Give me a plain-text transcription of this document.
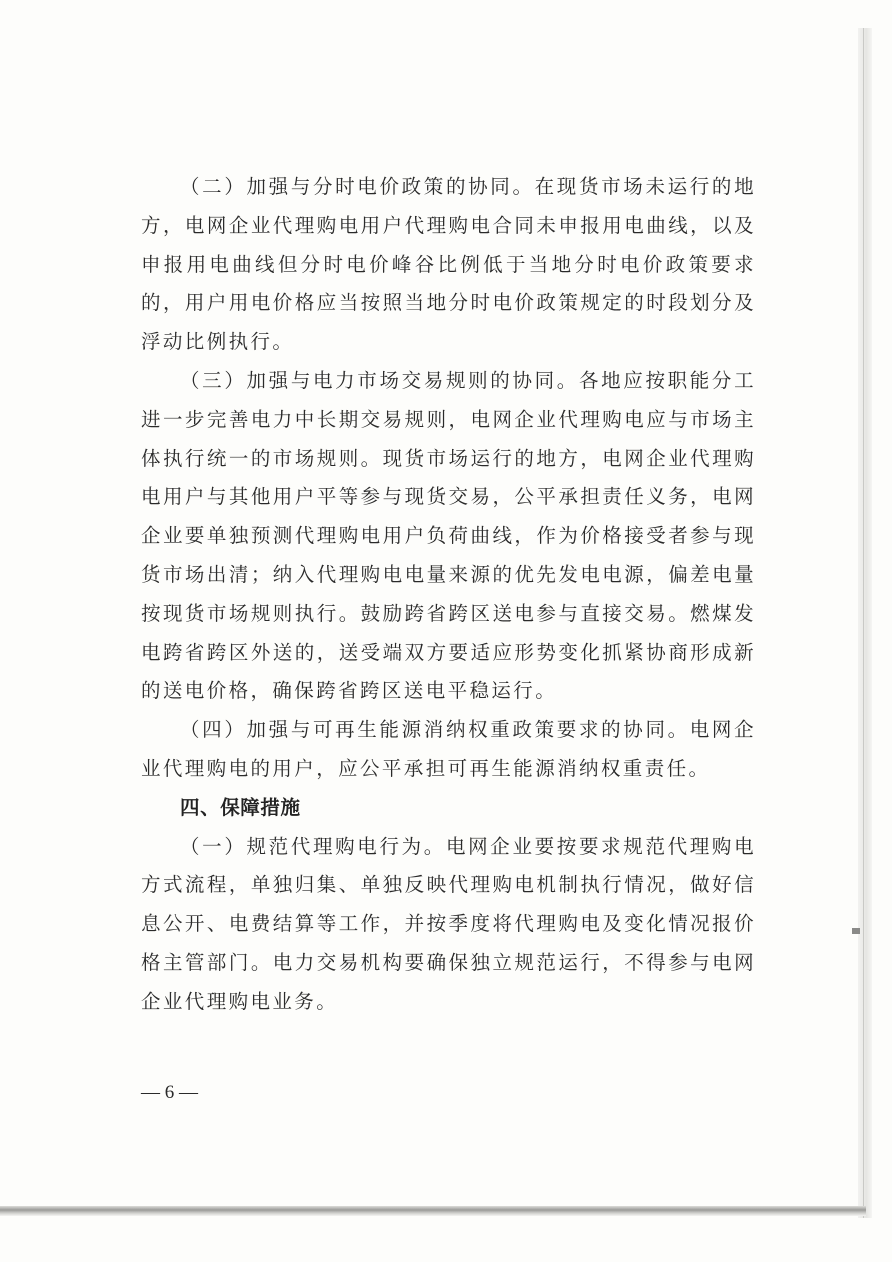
（二）加强与分时电价政策的协同。在现货市场未运行的地方，电网企业代理购电用户代理购电合同未申报用电曲线，以及申报用电曲线但分时电价峰谷比例低于当地分时电价政策要求的，用户用电价格应当按照当地分时电价政策规定的时段划分及浮动比例执行。

（三）加强与电力市场交易规则的协同。各地应按职能分工进一步完善电力中长期交易规则，电网企业代理购电应与市场主体执行统一的市场规则。现货市场运行的地方，电网企业代理购电用户与其他用户平等参与现货交易，公平承担责任义务，电网企业要单独预测代理购电用户负荷曲线，作为价格接受者参与现货市场出清；纳入代理购电电量来源的优先发电电源，偏差电量按现货市场规则执行。鼓励跨省跨区送电参与直接交易。燃煤发电跨省跨区外送的，送受端双方要适应形势变化抓紧协商形成新的送电价格，确保跨省跨区送电平稳运行。

（四）加强与可再生能源消纳权重政策要求的协同。电网企业代理购电的用户，应公平承担可再生能源消纳权重责任。

四、保障措施

（一）规范代理购电行为。电网企业要按要求规范代理购电方式流程，单独归集、单独反映代理购电机制执行情况，做好信息公开、电费结算等工作，并按季度将代理购电及变化情况报价格主管部门。电力交易机构要确保独立规范运行，不得参与电网企业代理购电业务。

— 6 —
